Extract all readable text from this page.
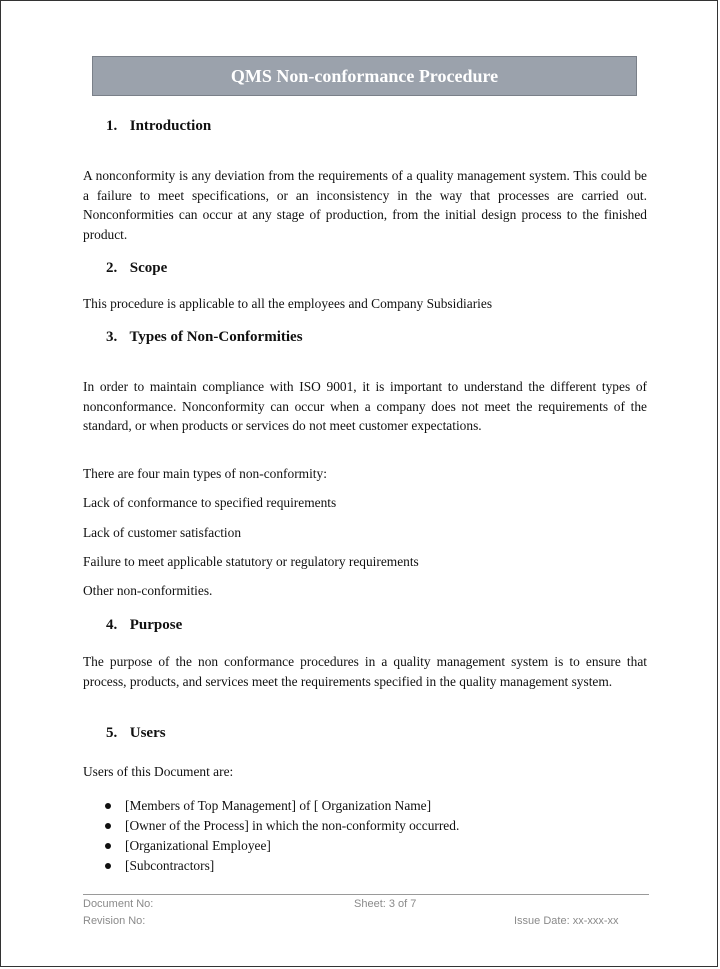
QMS Non-conformance Procedure
1. Introduction

A nonconformity is any deviation from the requirements of a quality management system. This could be a failure to meet specifications, or an inconsistency in the way that processes are carried out. Nonconformities can occur at any stage of production, from the initial design process to the finished product.

2. Scope
This procedure is applicable to all the employees and Company Subsidiaries
3. Types of Non-Conformities

In order to maintain compliance with ISO 9001, it is important to understand the different types of nonconformance. Nonconformity can occur when a company does not meet the requirements of the standard, or when products or services do not meet customer expectations.

There are four main types of non-conformity:
Lack of conformance to specified requirements
Lack of customer satisfaction
Failure to meet applicable statutory or regulatory requirements
Other non-conformities.
4. Purpose

The purpose of the non conformance procedures in a quality management system is to ensure that process, products, and services meet the requirements specified in the quality management system.

5. Users
Users of this Document are:
[Members of Top Management] of [ Organization Name]
[Owner of the Process] in which the non-conformity occurred.
[Organizational Employee]
[Subcontractors]
Document No:
Revision No:
Sheet: 3 of 7
Issue Date: xx-xxx-xx
